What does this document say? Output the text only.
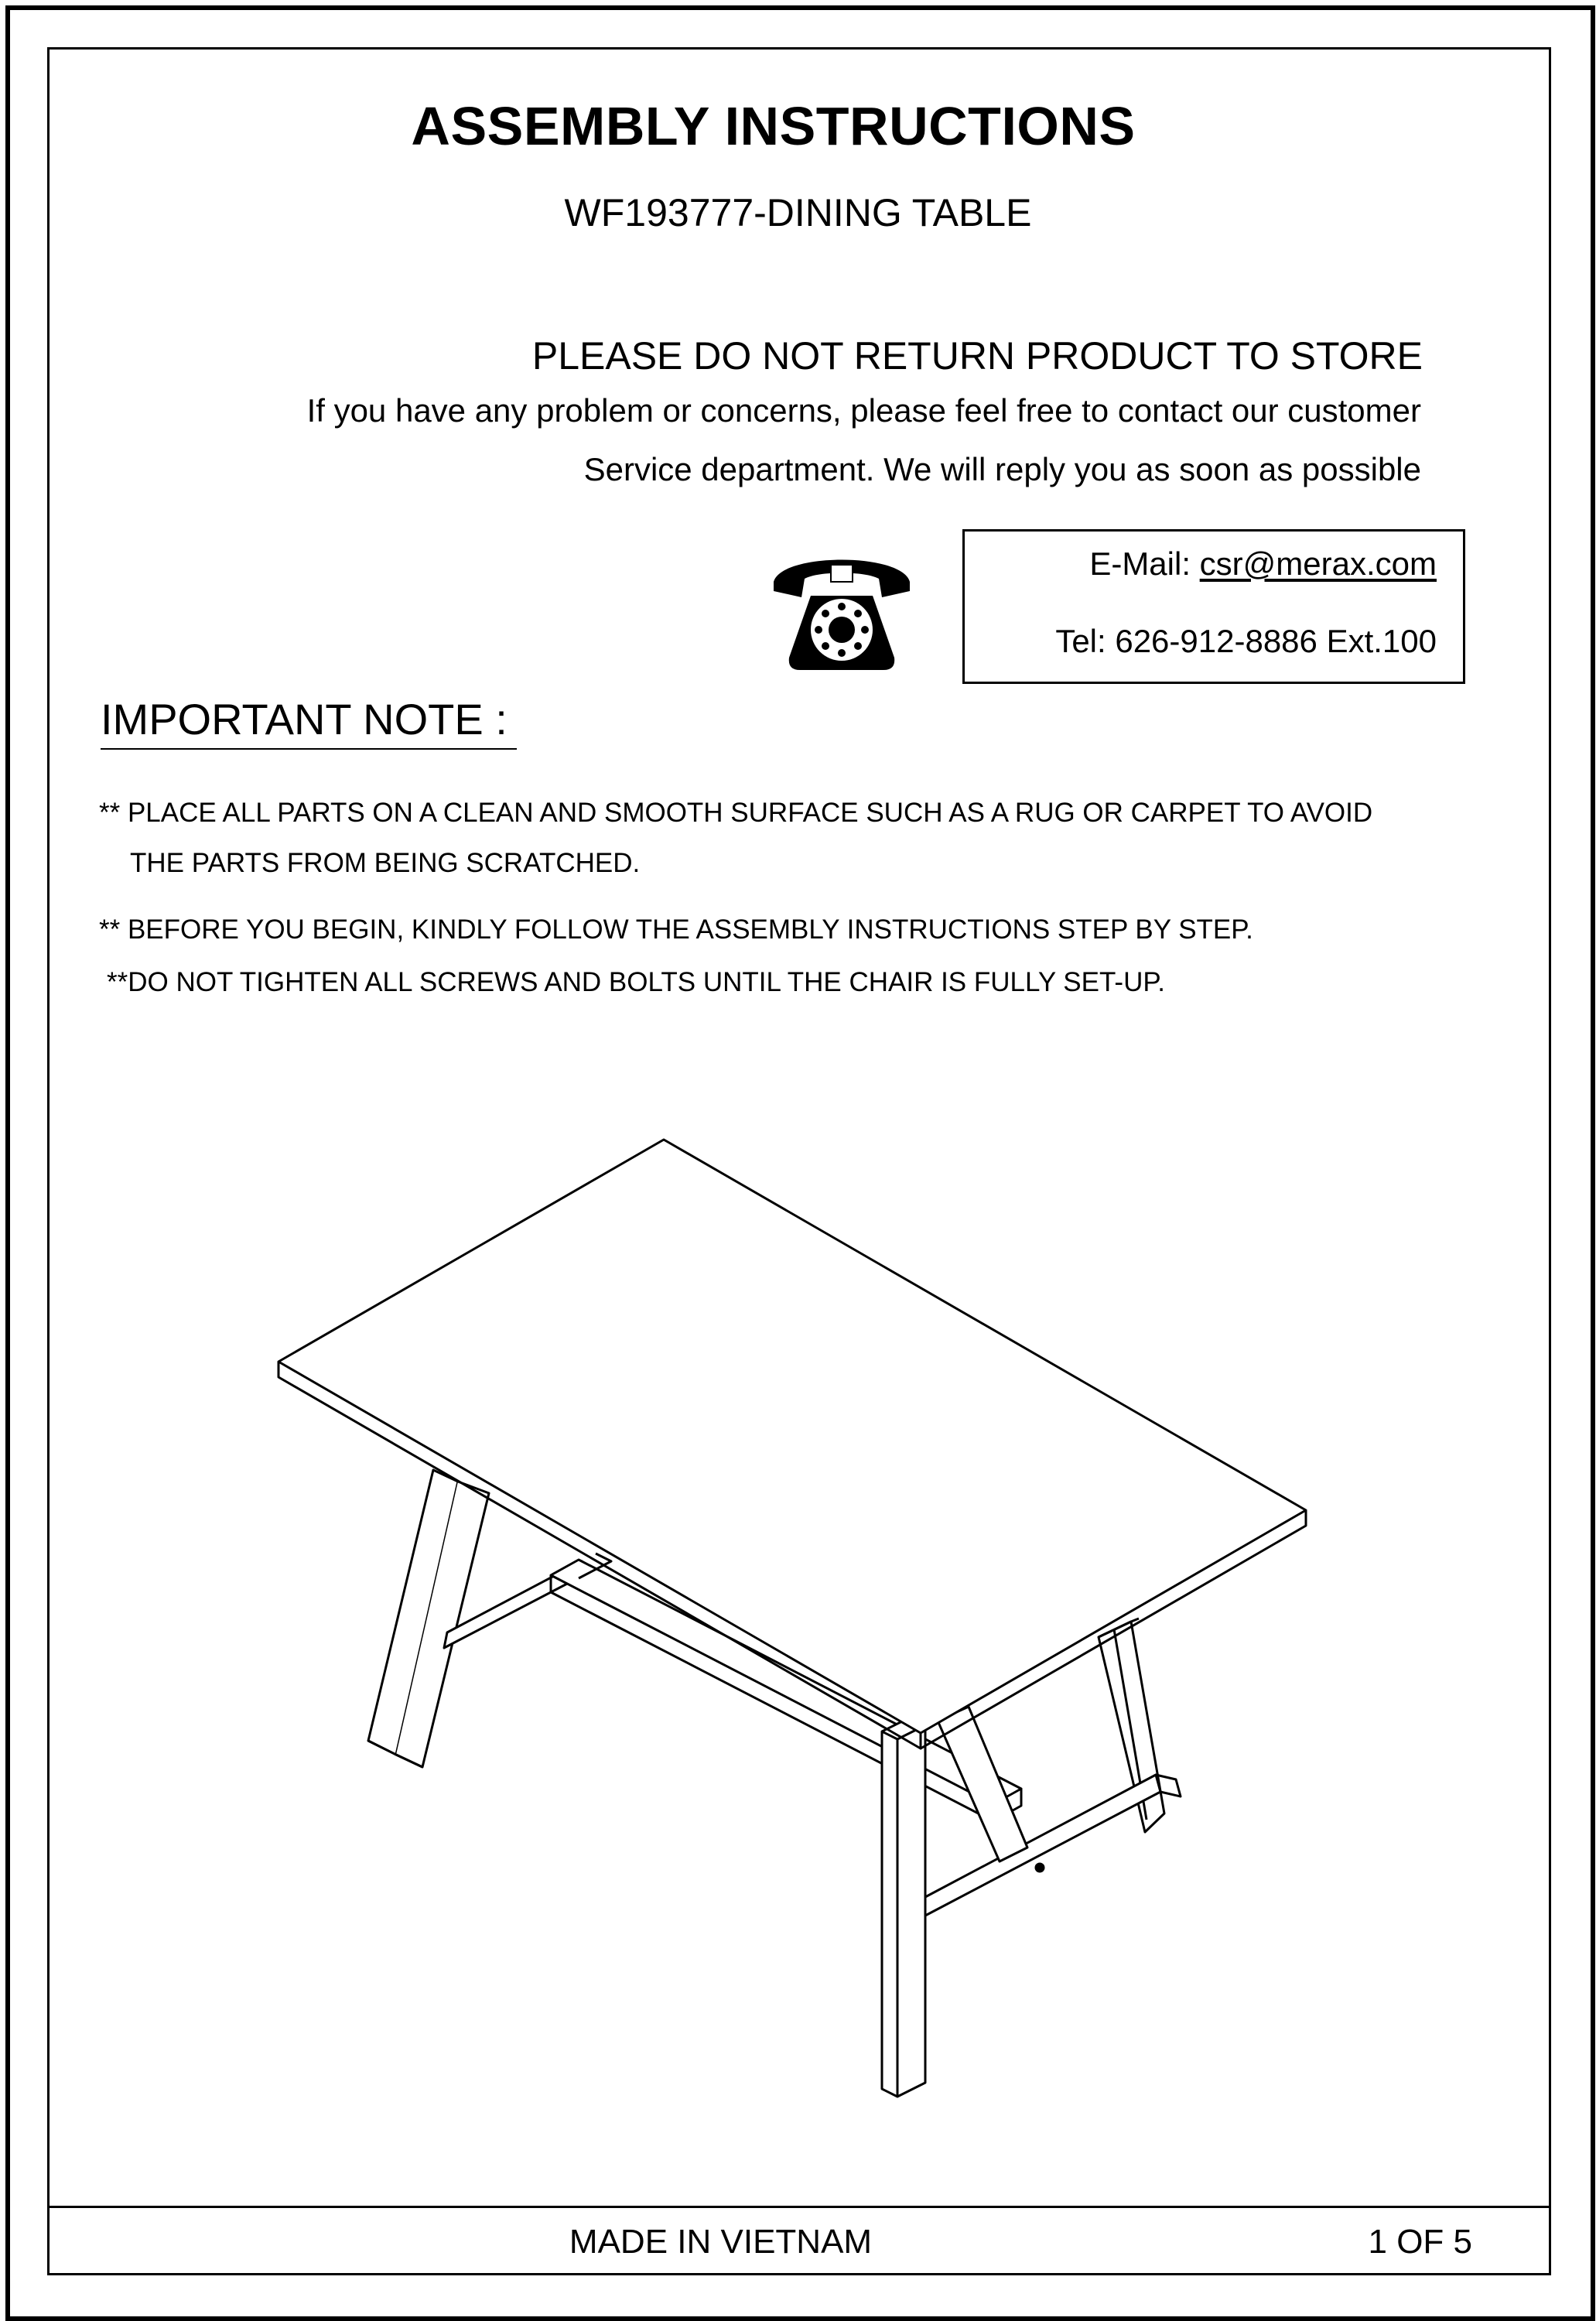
ASSEMBLY INSTRUCTIONS
WF193777-DINING TABLE
PLEASE DO NOT RETURN PRODUCT TO STORE
If you have any problem or concerns, please feel free to contact our customer
Service department. We will reply you as soon as possible
E-Mail: csr@merax.com
Tel: 626-912-8886 Ext.100
IMPORTANT NOTE :
** PLACE ALL PARTS ON A CLEAN AND SMOOTH SURFACE SUCH AS A RUG OR CARPET TO AVOID
THE PARTS FROM BEING SCRATCHED.
** BEFORE YOU BEGIN, KINDLY FOLLOW THE ASSEMBLY INSTRUCTIONS STEP BY STEP.
**DO NOT TIGHTEN ALL SCREWS AND BOLTS UNTIL THE CHAIR IS FULLY SET-UP.
MADE IN VIETNAM	1 OF 5
